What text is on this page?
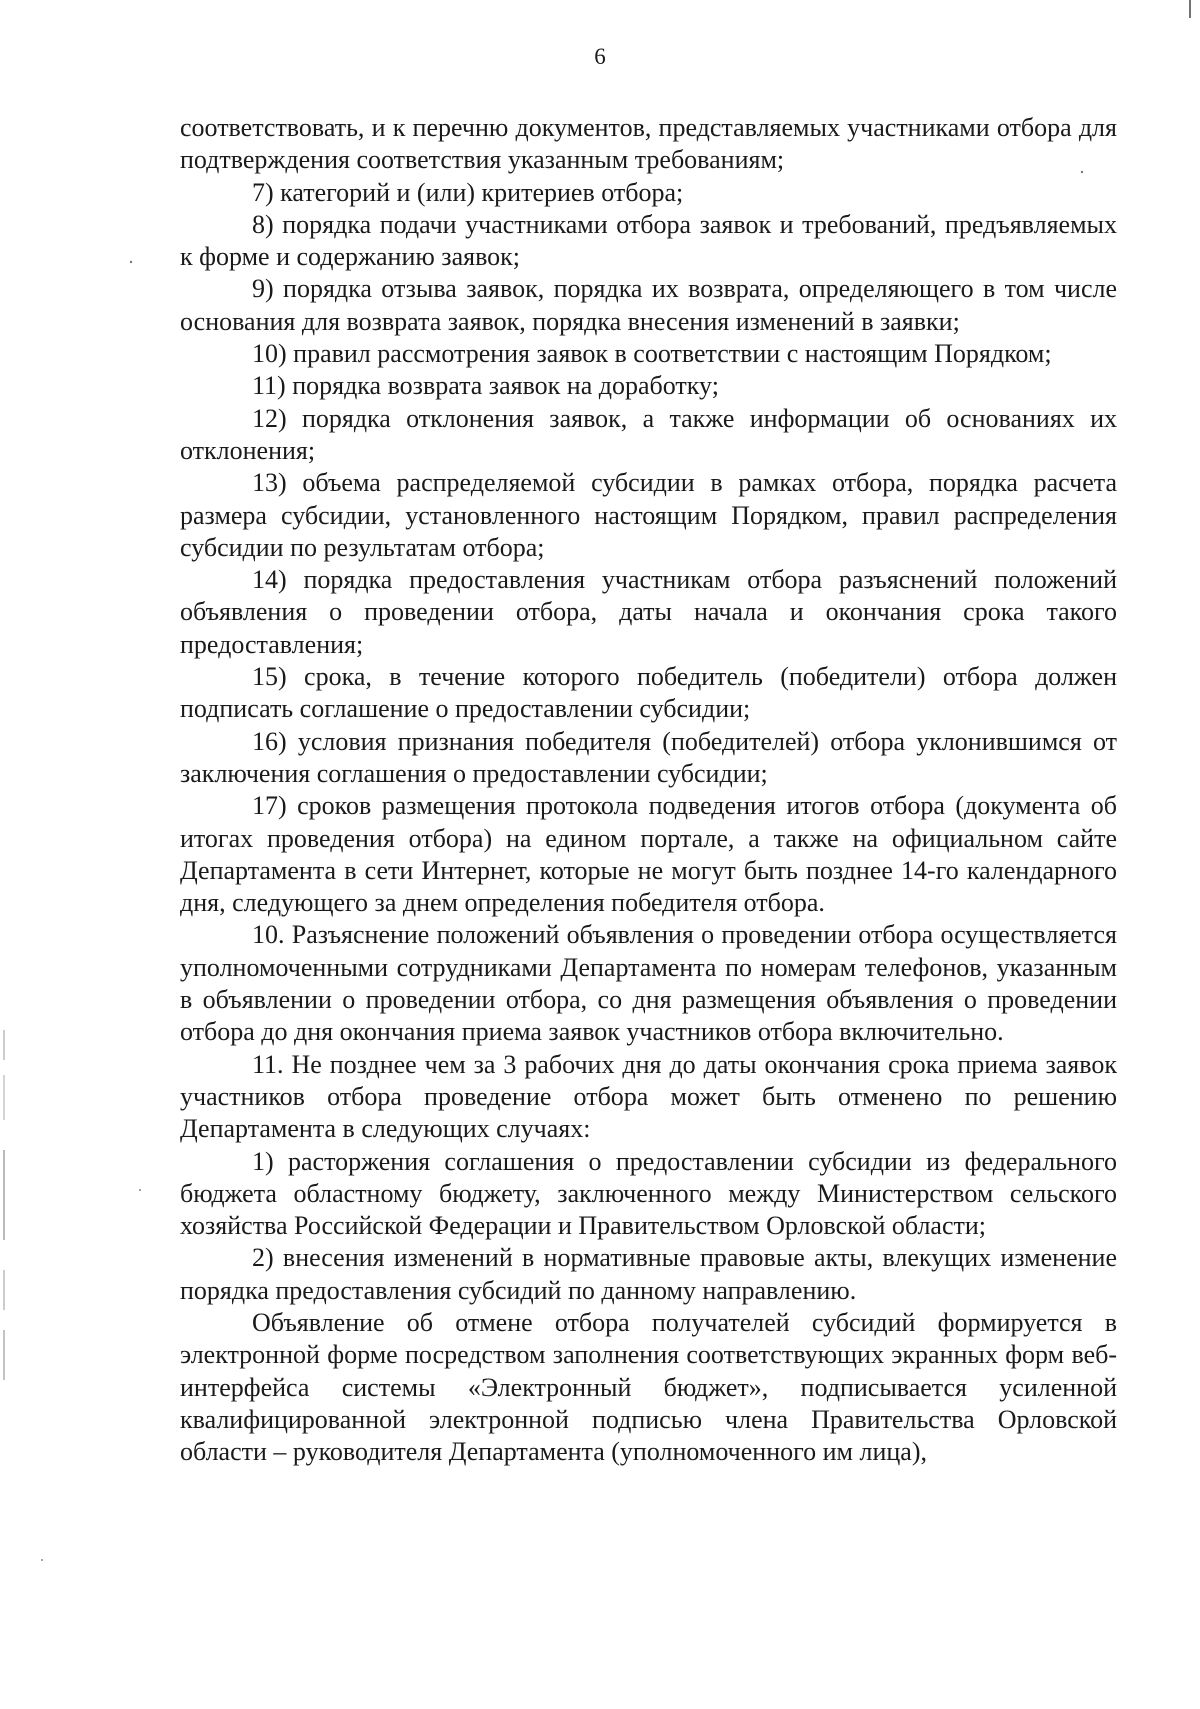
6

соответствовать, и к перечню документов, представляемых участниками отбора для подтверждения соответствия указанным требованиям;

7) категорий и (или) критериев отбора;

8) порядка подачи участниками отбора заявок и требований, предъявляемых к форме и содержанию заявок;

9) порядка отзыва заявок, порядка их возврата, определяющего в том числе основания для возврата заявок, порядка внесения изменений в заявки;

10) правил рассмотрения заявок в соответствии с настоящим Порядком;

11) порядка возврата заявок на доработку;

12) порядка отклонения заявок, а также информации об основаниях их отклонения;

13) объема распределяемой субсидии в рамках отбора, порядка расчета размера субсидии, установленного настоящим Порядком, правил распределения субсидии по результатам отбора;

14) порядка предоставления участникам отбора разъяснений положений объявления о проведении отбора, даты начала и окончания срока такого предоставления;

15) срока, в течение которого победитель (победители) отбора должен подписать соглашение о предоставлении субсидии;

16) условия признания победителя (победителей) отбора уклонившимся от заключения соглашения о предоставлении субсидии;

17) сроков размещения протокола подведения итогов отбора (документа об итогах проведения отбора) на едином портале, а также на официальном сайте Департамента в сети Интернет, которые не могут быть позднее 14-го календарного дня, следующего за днем определения победителя отбора.

10. Разъяснение положений объявления о проведении отбора осуществляется уполномоченными сотрудниками Департамента по номерам телефонов, указанным в объявлении о проведении отбора, со дня размещения объявления о проведении отбора до дня окончания приема заявок участников отбора включительно.

11. Не позднее чем за 3 рабочих дня до даты окончания срока приема заявок участников отбора проведение отбора может быть отменено по решению Департамента в следующих случаях:

1) расторжения соглашения о предоставлении субсидии из федерального бюджета областному бюджету, заключенного между Министерством сельского хозяйства Российской Федерации и Правительством Орловской области;

2) внесения изменений в нормативные правовые акты, влекущих изменение порядка предоставления субсидий по данному направлению.

Объявление об отмене отбора получателей субсидий формируется в электронной форме посредством заполнения соответствующих экранных форм веб-интерфейса системы «Электронный бюджет», подписывается усиленной квалифицированной электронной подписью члена Правительства Орловской области – руководителя Департамента (уполномоченного им лица),
